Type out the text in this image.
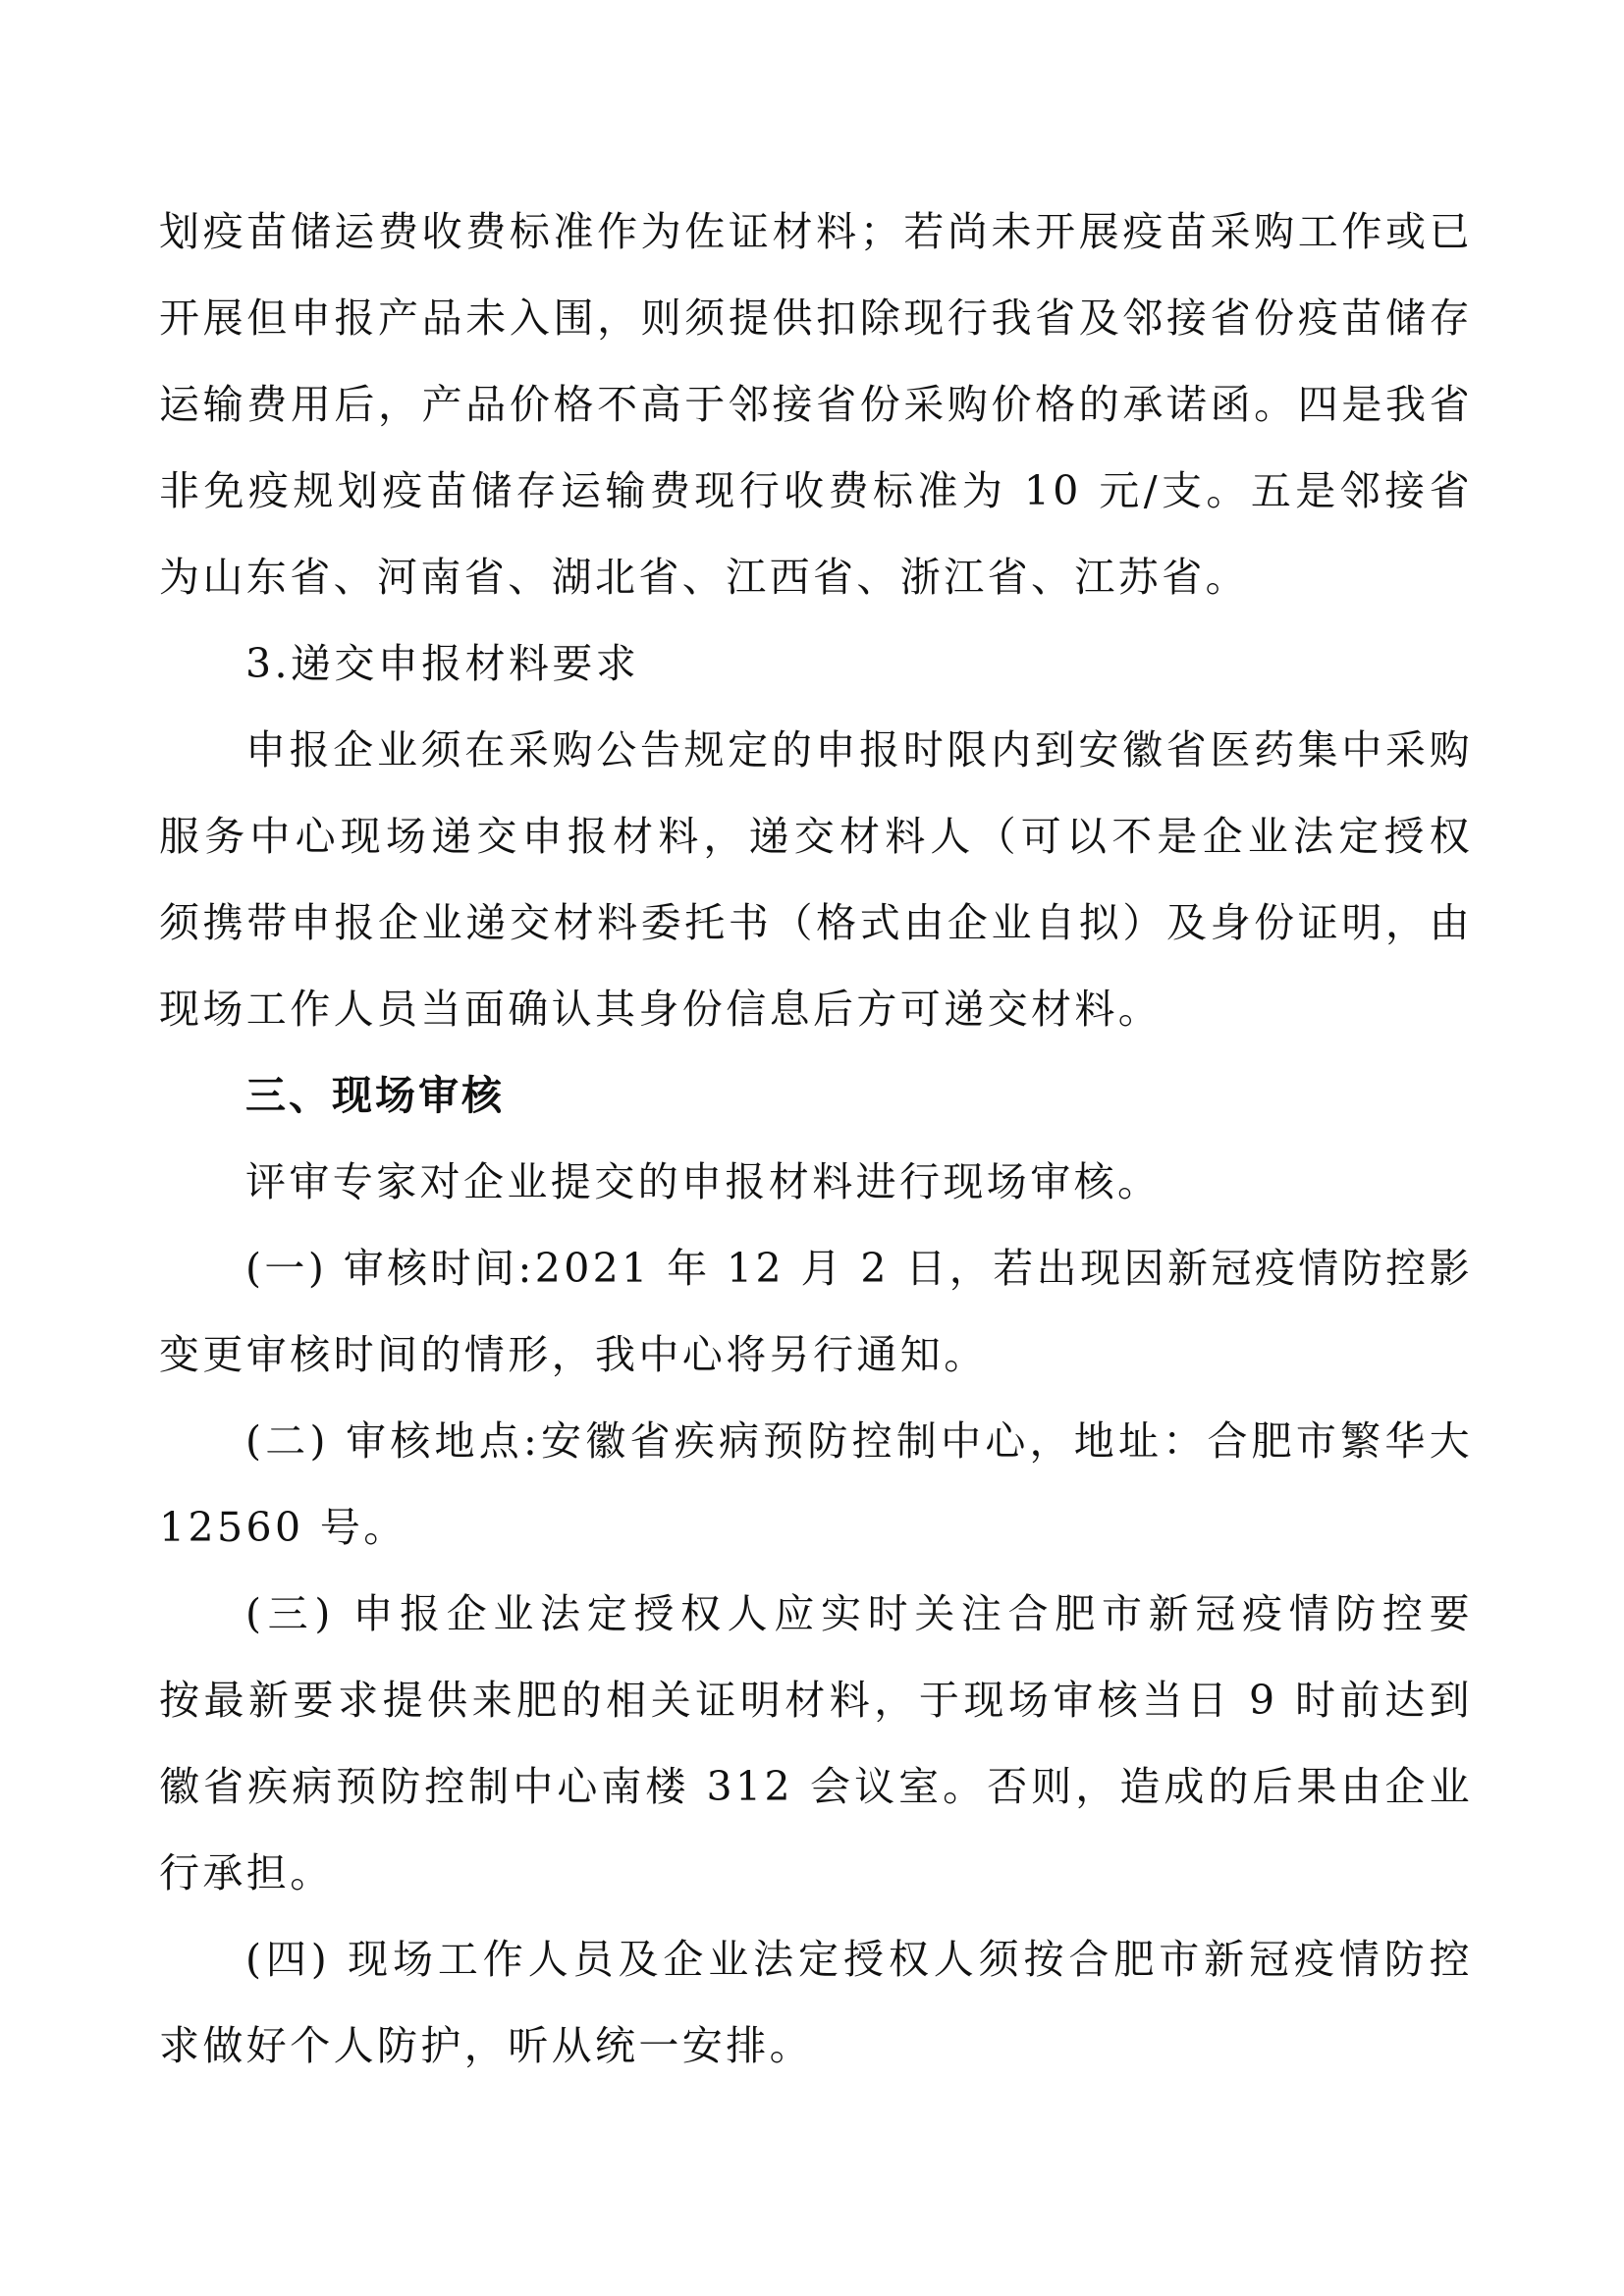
划疫苗储运费收费标准作为佐证材料；若尚未开展疫苗采购工作或已
开展但申报产品未入围，则须提供扣除现行我省及邻接省份疫苗储存
运输费用后，产品价格不高于邻接省份采购价格的承诺函。四是我省
非免疫规划疫苗储存运输费现行收费标准为 10 元/支。五是邻接省
为山东省、河南省、湖北省、江西省、浙江省、江苏省。
3.递交申报材料要求
申报企业须在采购公告规定的申报时限内到安徽省医药集中采购
服务中心现场递交申报材料，递交材料人（可以不是企业法定授权
须携带申报企业递交材料委托书（格式由企业自拟）及身份证明，由
现场工作人员当面确认其身份信息后方可递交材料。
三、现场审核
评审专家对企业提交的申报材料进行现场审核。
(一) 审核时间:2021 年 12 月 2 日，若出现因新冠疫情防控影
变更审核时间的情形，我中心将另行通知。
(二) 审核地点:安徽省疾病预防控制中心，地址：合肥市繁华大
12560 号。
(三) 申报企业法定授权人应实时关注合肥市新冠疫情防控要
按最新要求提供来肥的相关证明材料，于现场审核当日 9 时前达到
徽省疾病预防控制中心南楼 312 会议室。否则，造成的后果由企业
行承担。
(四) 现场工作人员及企业法定授权人须按合肥市新冠疫情防控
求做好个人防护，听从统一安排。
